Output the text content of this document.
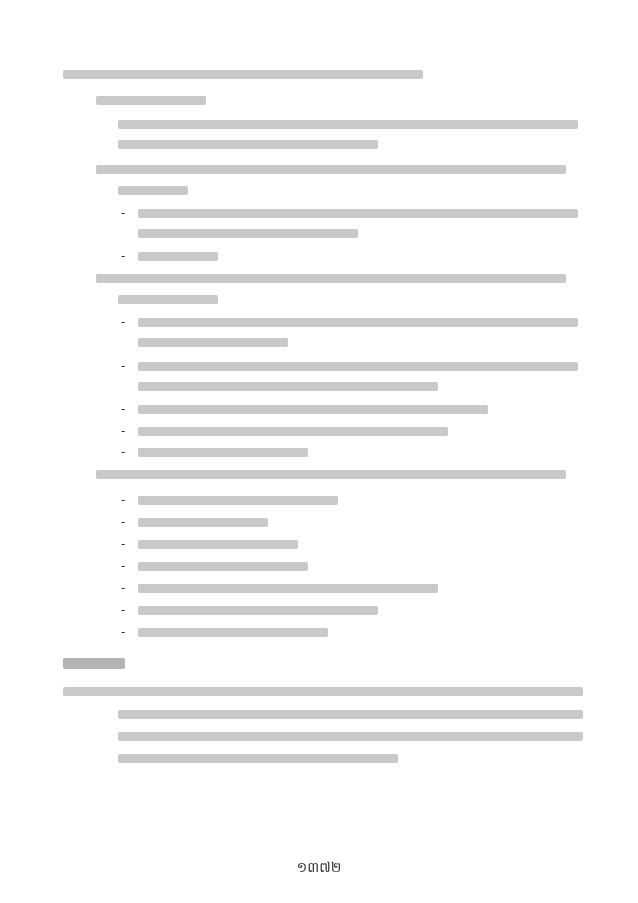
-
-
-
-
-
-
-
-
-
-
-
-
-
-
១៣៧២
